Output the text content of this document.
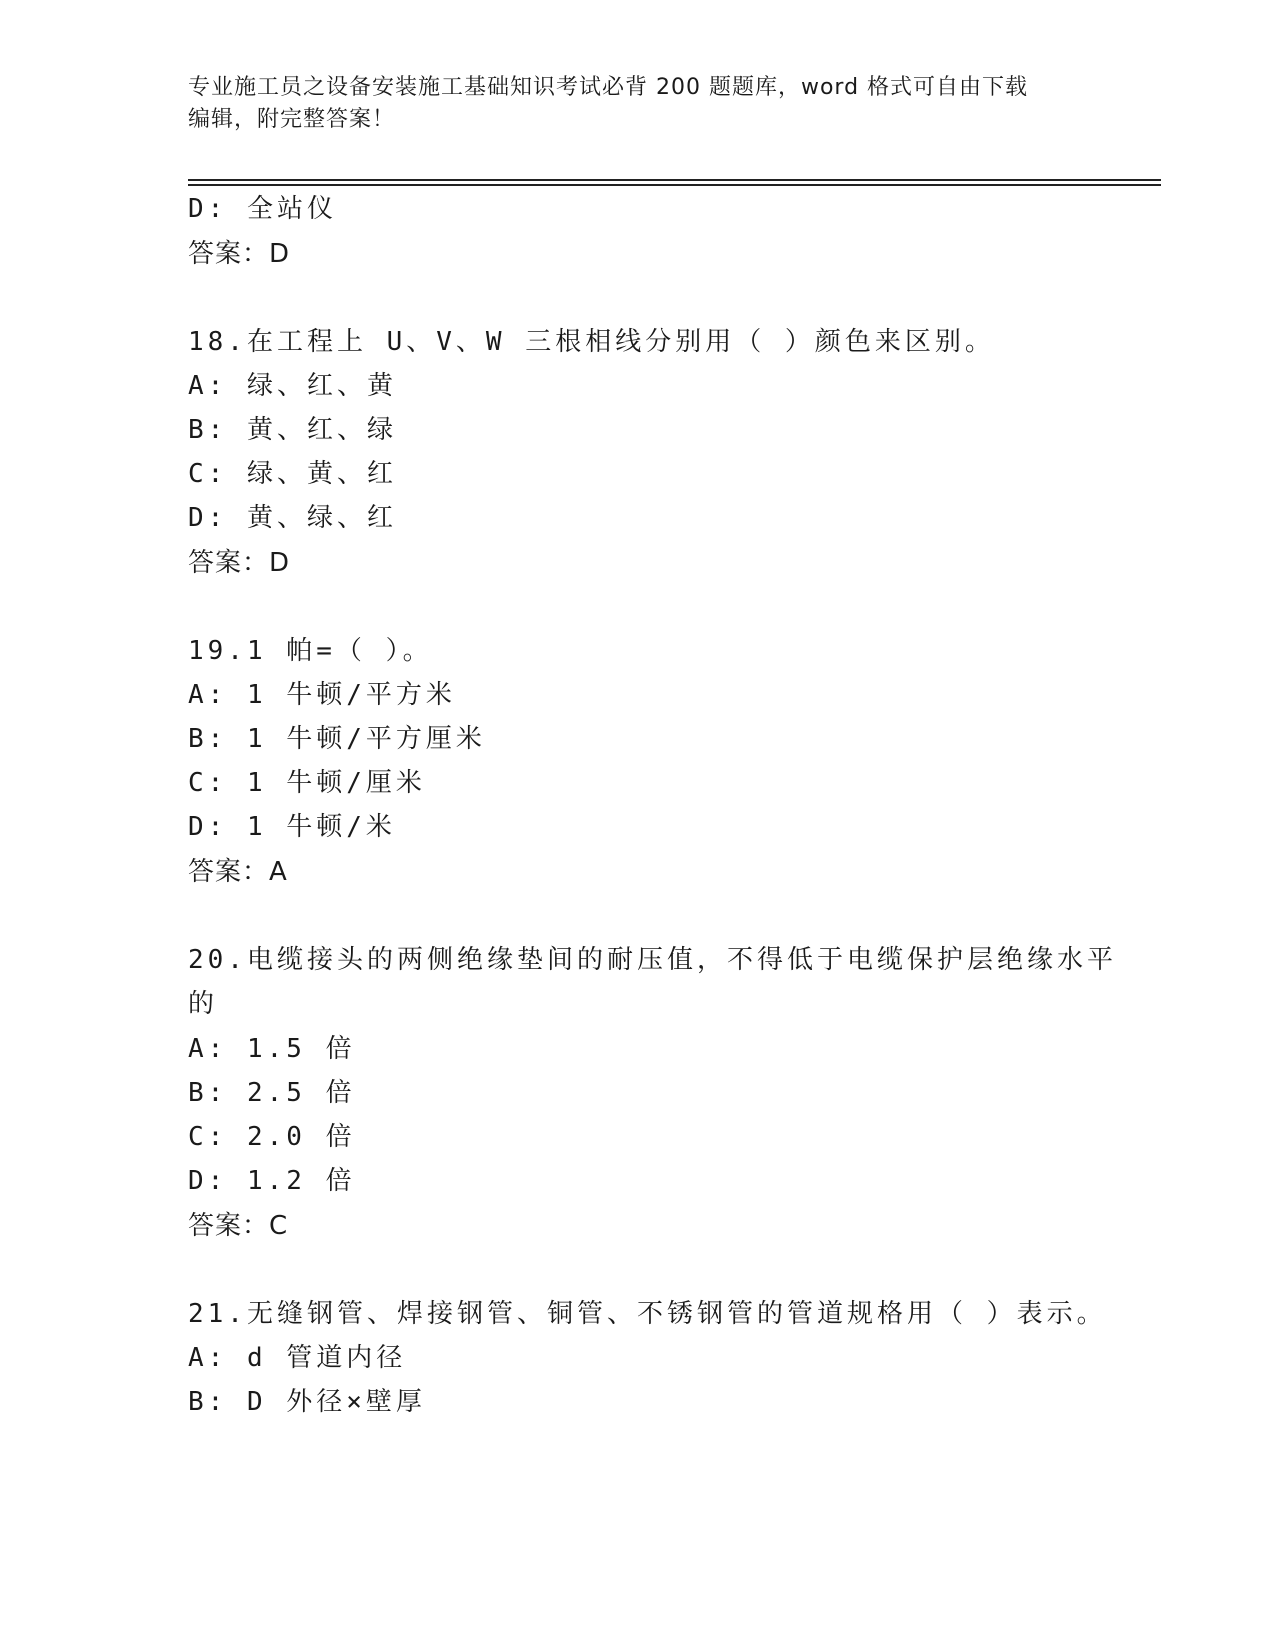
专业施工员之设备安装施工基础知识考试必背 200 题题库，word 格式可自由下载
编辑，附完整答案！
D: 全站仪
答案：D
18.在工程上 U、V、W 三根相线分别用（ ）颜色来区别。
A: 绿、红、黄
B: 黄、红、绿
C: 绿、黄、红
D: 黄、绿、红
答案：D
19.1 帕=（ ）。
A: 1 牛顿/平方米
B: 1 牛顿/平方厘米
C: 1 牛顿/厘米
D: 1 牛顿/米
答案：A
20.电缆接头的两侧绝缘垫间的耐压值，不得低于电缆保护层绝缘水平
的
A: 1.5 倍
B: 2.5 倍
C: 2.0 倍
D: 1.2 倍
答案：C
21.无缝钢管、焊接钢管、铜管、不锈钢管的管道规格用（ ）表示。
A: d 管道内径
B: D 外径×壁厚
